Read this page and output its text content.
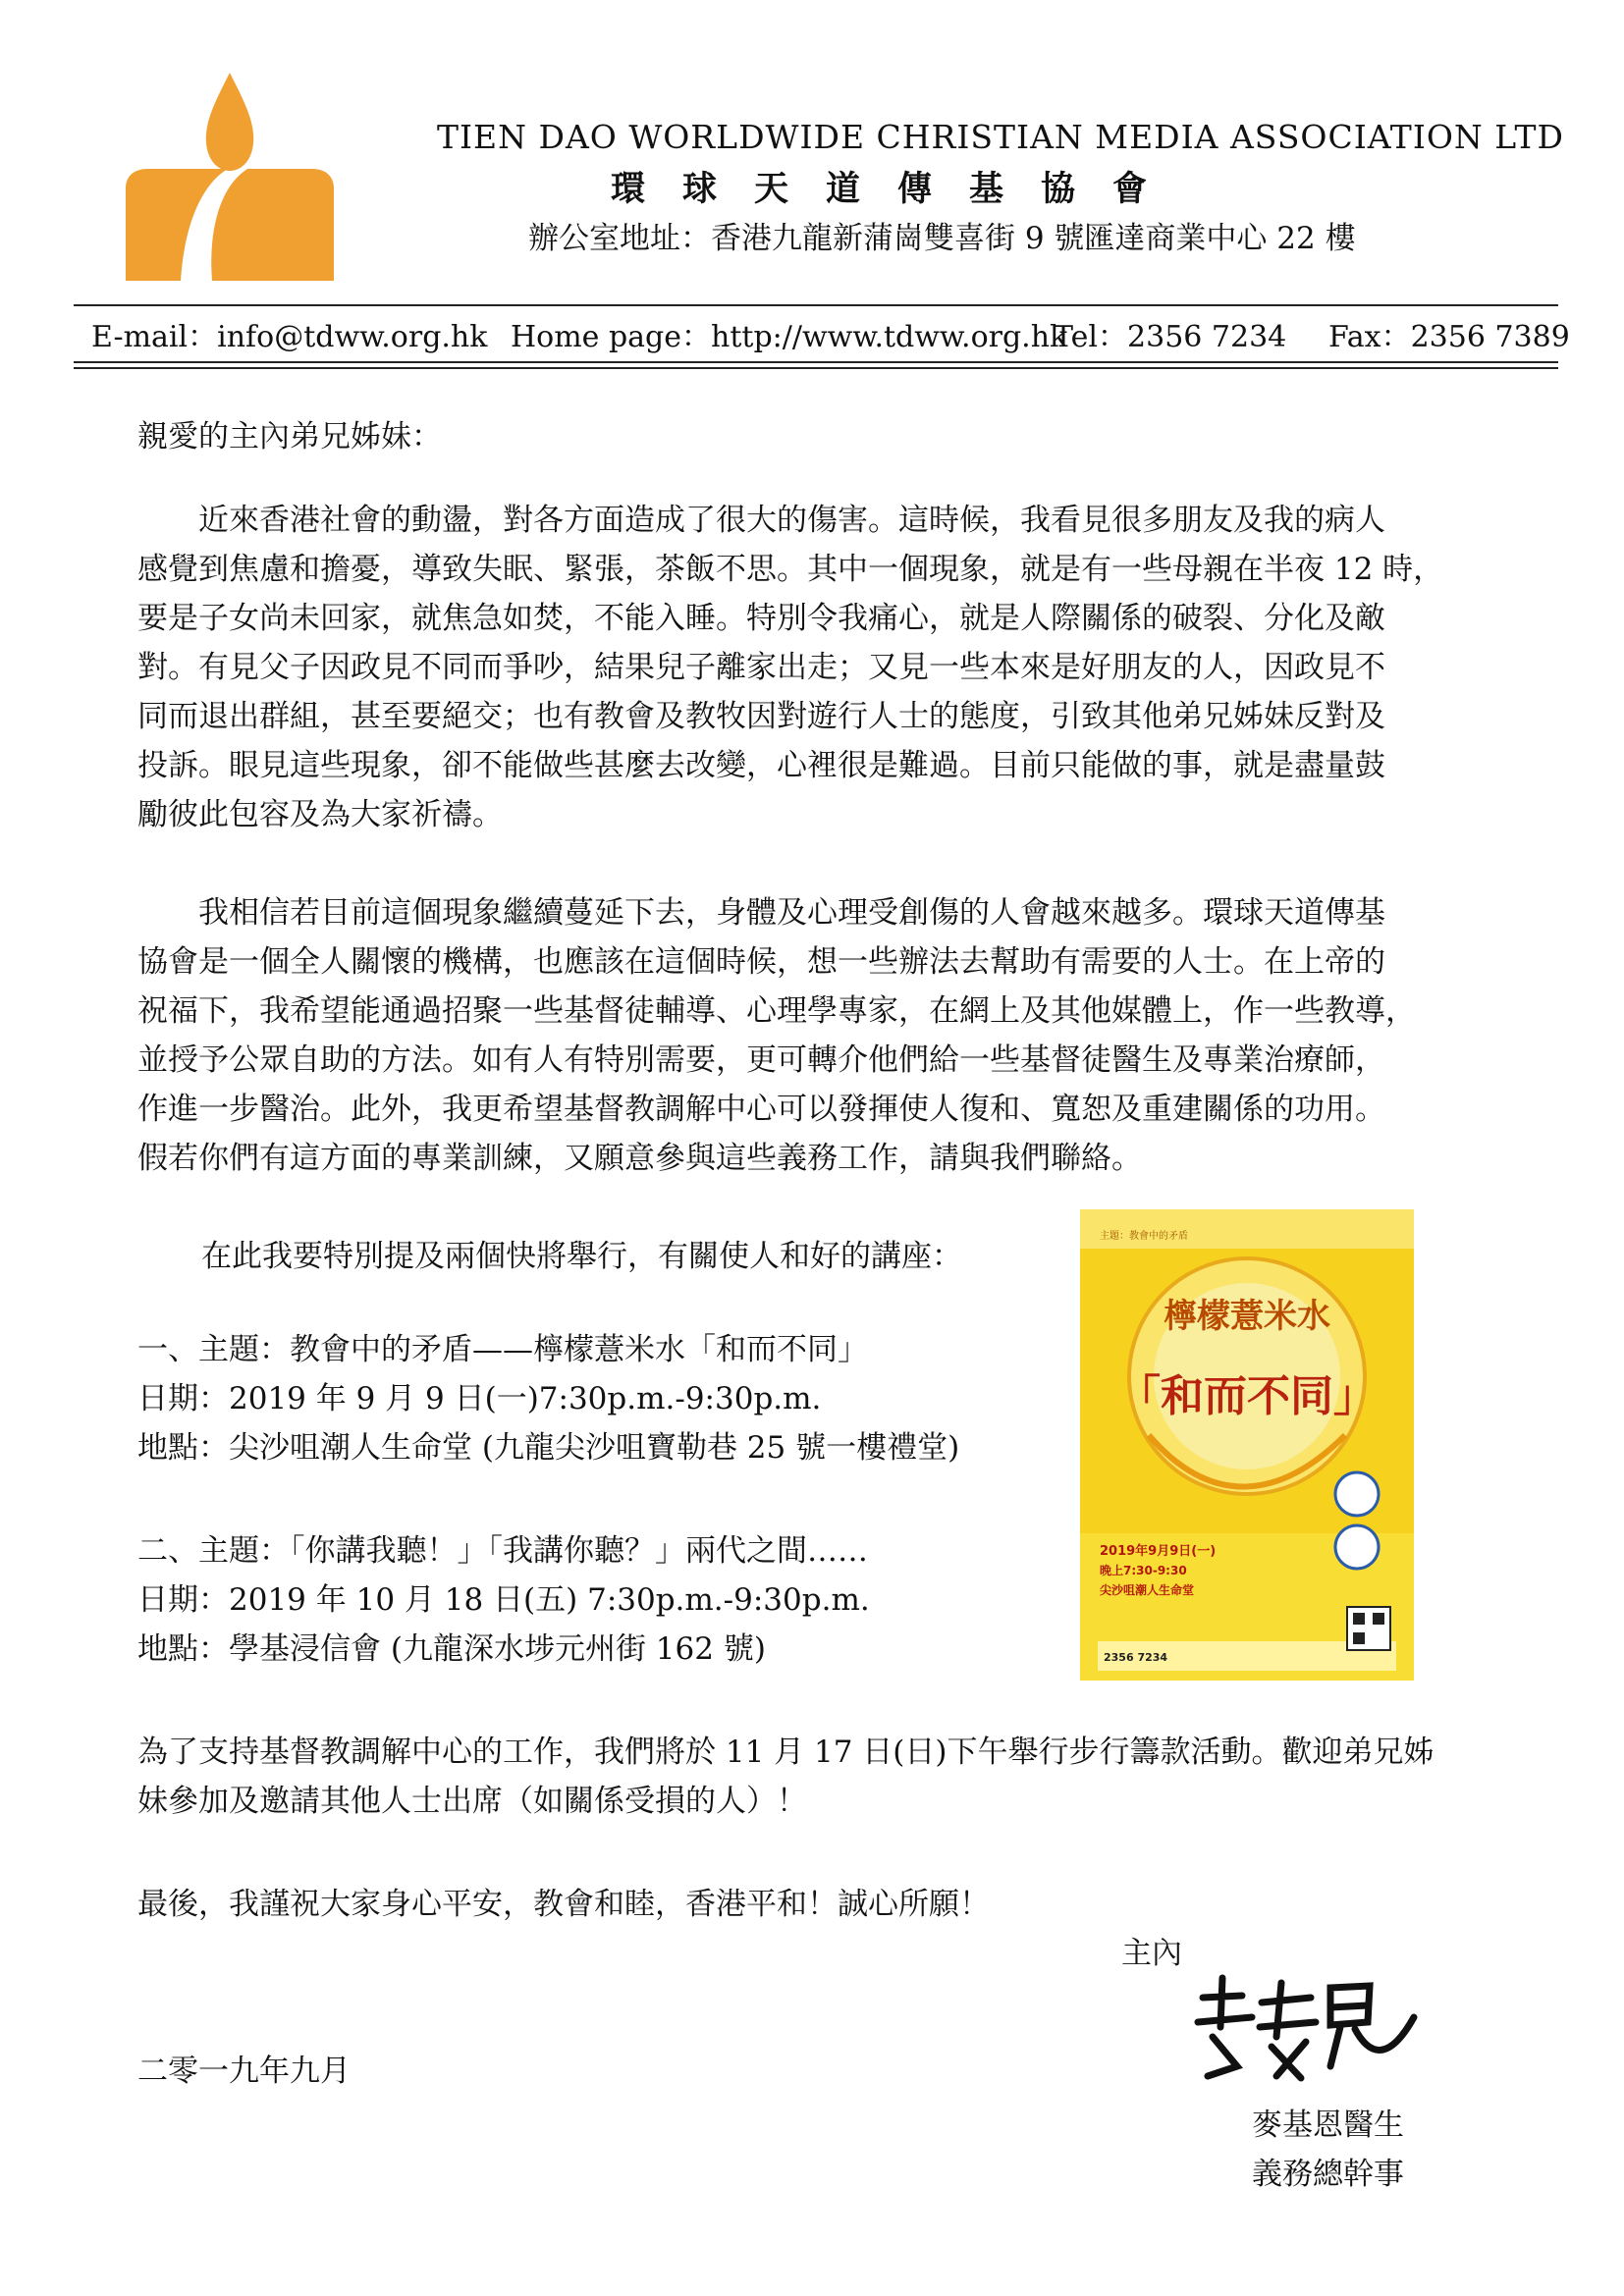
TIEN DAO WORLDWIDE CHRISTIAN MEDIA ASSOCIATION LTD
環球天道傳基協會
辦公室地址：香港九龍新蒲崗雙喜街 9 號匯達商業中心 22 樓
E-mail：info@tdww.org.hk Home page：http://www.tdww.org.hk
Tel：2356 7234 Fax：2356 7389
親愛的主內弟兄姊妹：
　　近來香港社會的動盪，對各方面造成了很大的傷害。這時候，我看見很多朋友及我的病人
感覺到焦慮和擔憂，導致失眠、緊張，茶飯不思。其中一個現象，就是有一些母親在半夜 12 時，
要是子女尚未回家，就焦急如焚，不能入睡。特別令我痛心，就是人際關係的破裂、分化及敵
對。有見父子因政見不同而爭吵，結果兒子離家出走；又見一些本來是好朋友的人，因政見不
同而退出群組，甚至要絕交；也有教會及教牧因對遊行人士的態度，引致其他弟兄姊妹反對及
投訴。眼見這些現象，卻不能做些甚麼去改變，心裡很是難過。目前只能做的事，就是盡量鼓
勵彼此包容及為大家祈禱。
　　我相信若目前這個現象繼續蔓延下去，身體及心理受創傷的人會越來越多。環球天道傳基
協會是一個全人關懷的機構，也應該在這個時候，想一些辦法去幫助有需要的人士。在上帝的
祝福下，我希望能通過招聚一些基督徒輔導、心理學專家，在網上及其他媒體上，作一些教導，
並授予公眾自助的方法。如有人有特別需要，更可轉介他們給一些基督徒醫生及專業治療師，
作進一步醫治。此外，我更希望基督教調解中心可以發揮使人復和、寬恕及重建關係的功用。
假若你們有這方面的專業訓練，又願意參與這些義務工作，請與我們聯絡。
在此我要特別提及兩個快將舉行，有關使人和好的講座：
一、主題：教會中的矛盾——檸檬薏米水「和而不同」
日期：2019 年 9 月 9 日(一)7:30p.m.-9:30p.m.
地點：尖沙咀潮人生命堂 (九龍尖沙咀寶勒巷 25 號一樓禮堂)
二、主題：「你講我聽！」「我講你聽？」兩代之間……
日期：2019 年 10 月 18 日(五) 7:30p.m.-9:30p.m.
地點：學基浸信會 (九龍深水埗元州街 162 號)
主題：教會中的矛盾
檸檬薏米水
「和而不同」
2019年9月9日(一)
晚上7:30-9:30
尖沙咀潮人生命堂
2356 7234
為了支持基督教調解中心的工作，我們將於 11 月 17 日(日)下午舉行步行籌款活動。歡迎弟兄姊
妹參加及邀請其他人士出席（如關係受損的人）！
最後，我謹祝大家身心平安，教會和睦，香港平和！誠心所願！
主內
二零一九年九月
麥基恩醫生
義務總幹事
